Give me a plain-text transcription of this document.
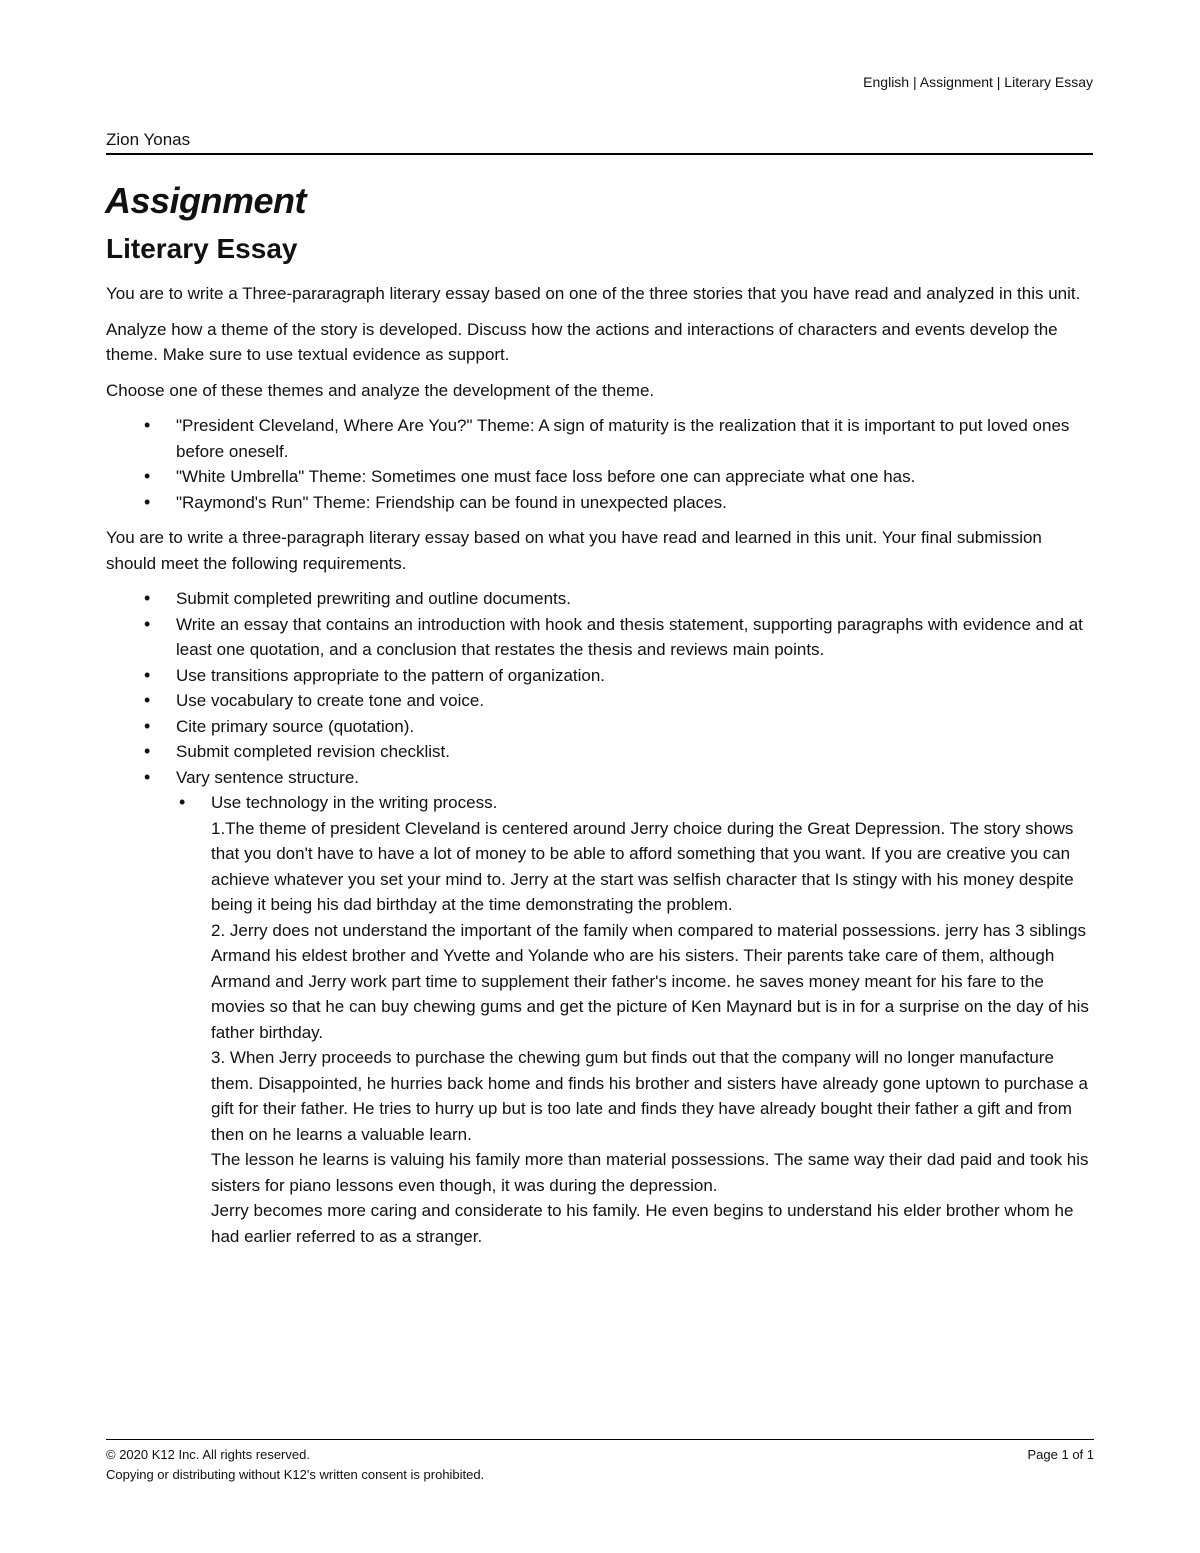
English | Assignment | Literary Essay
Zion Yonas
Assignment
Literary Essay

You are to write a Three-pararagraph literary essay based on one of the three stories that you have read and analyzed in this unit.

Analyze how a theme of the story is developed. Discuss how the actions and interactions of characters and events develop the theme. Make sure to use textual evidence as support.

Choose one of these themes and analyze the development of the theme.

• "President Cleveland, Where Are You?" Theme: A sign of maturity is the realization that it is important to put loved ones before oneself.
• "White Umbrella" Theme: Sometimes one must face loss before one can appreciate what one has.
• "Raymond's Run" Theme: Friendship can be found in unexpected places.

You are to write a three-paragraph literary essay based on what you have read and learned in this unit. Your final submission should meet the following requirements.

• Submit completed prewriting and outline documents.
• Write an essay that contains an introduction with hook and thesis statement, supporting paragraphs with evidence and at least one quotation, and a conclusion that restates the thesis and reviews main points.
• Use transitions appropriate to the pattern of organization.
• Use vocabulary to create tone and voice.
• Cite primary source (quotation).
• Submit completed revision checklist.
• Vary sentence structure.
• Use technology in the writing process.
1.The theme of president Cleveland is centered around Jerry choice during the Great Depression. The story shows that you don't have to have a lot of money to be able to afford something that you want. If you are creative you can achieve whatever you set your mind to. Jerry at the start was selfish character that Is stingy with his money despite being it being his dad birthday at the time demonstrating the problem.
2. Jerry does not understand the important of the family when compared to material possessions. jerry has 3 siblings Armand his eldest brother and Yvette and Yolande who are his sisters. Their parents take care of them, although Armand and Jerry work part time to supplement their father's income. he saves money meant for his fare to the movies so that he can buy chewing gums and get the picture of Ken Maynard but is in for a surprise on the day of his father birthday.
3. When Jerry proceeds to purchase the chewing gum but finds out that the company will no longer manufacture them. Disappointed, he hurries back home and finds his brother and sisters have already gone uptown to purchase a gift for their father. He tries to hurry up but is too late and finds they have already bought their father a gift and from then on he learns a valuable learn.
The lesson he learns is valuing his family more than material possessions. The same way their dad paid and took his sisters for piano lessons even though, it was during the depression.
Jerry becomes more caring and considerate to his family. He even begins to understand his elder brother whom he had earlier referred to as a stranger.
© 2020 K12 Inc. All rights reserved.
Copying or distributing without K12's written consent is prohibited.
Page 1 of 1
